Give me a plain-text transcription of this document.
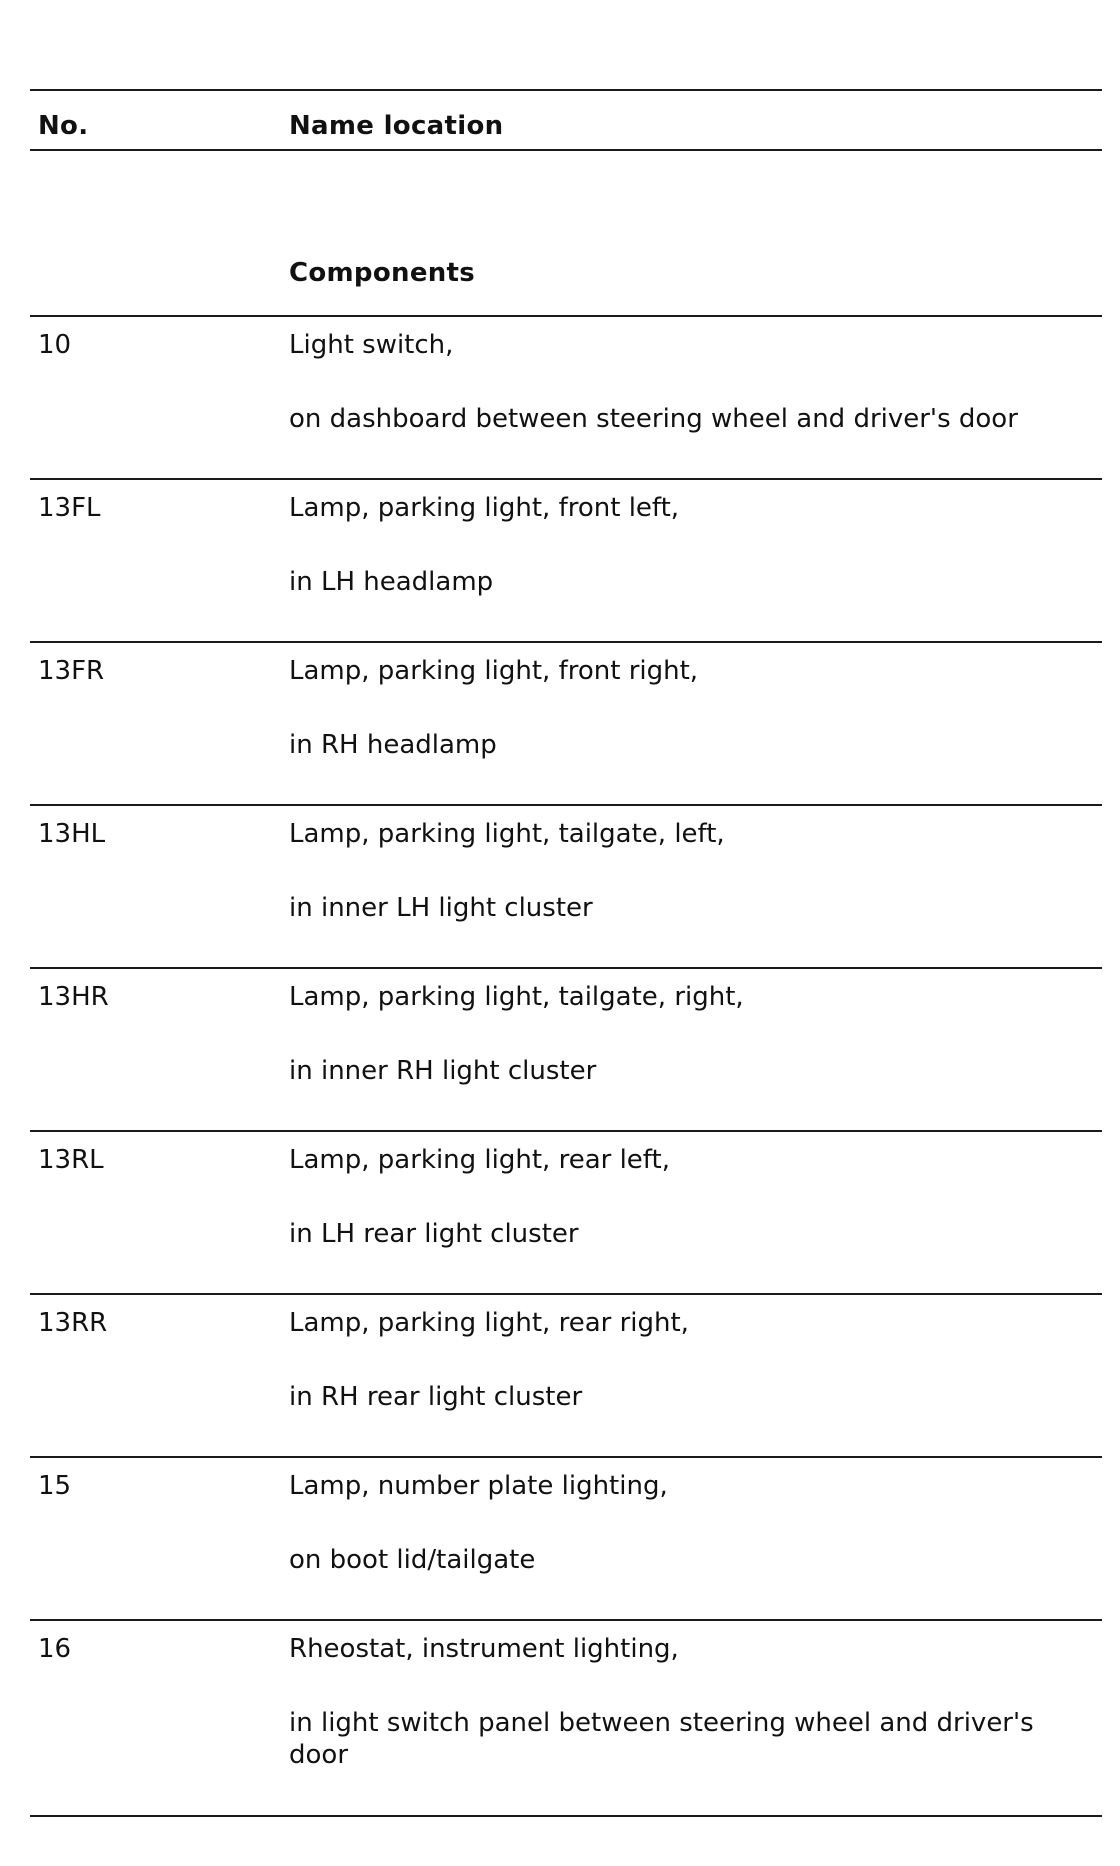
No.	Name location
Components
10	Light switch,
on dashboard between steering wheel and driver's door
13FL	Lamp, parking light, front left,
in LH headlamp
13FR	Lamp, parking light, front right,
in RH headlamp
13HL	Lamp, parking light, tailgate, left,
in inner LH light cluster
13HR	Lamp, parking light, tailgate, right,
in inner RH light cluster
13RL	Lamp, parking light, rear left,
in LH rear light cluster
13RR	Lamp, parking light, rear right,
in RH rear light cluster
15	Lamp, number plate lighting,
on boot lid/tailgate
16	Rheostat, instrument lighting,
in light switch panel between steering wheel and driver's door
